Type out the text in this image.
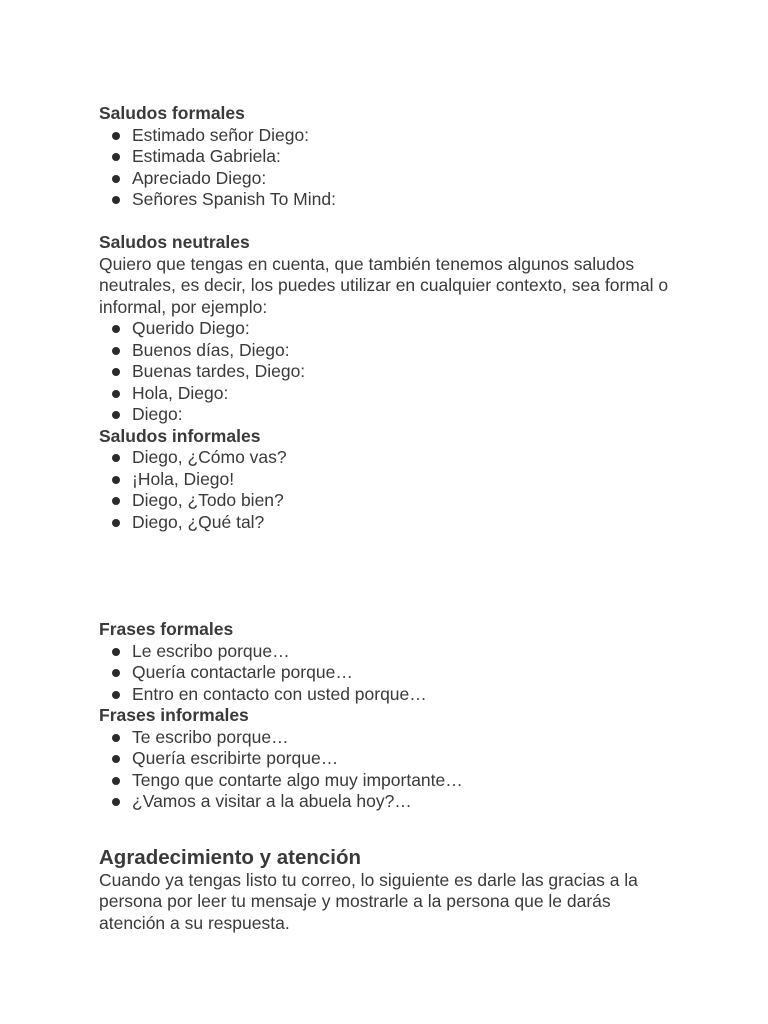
Saludos formales

Estimado señor Diego:
Estimada Gabriela:
Apreciado Diego:
Señores Spanish To Mind:

Saludos neutrales

Quiero que tengas en cuenta, que también tenemos algunos saludos neutrales, es decir, los puedes utilizar en cualquier contexto, sea formal o informal, por ejemplo:

Querido Diego:
Buenos días, Diego:
Buenas tardes, Diego:
Hola, Diego:
Diego:

Saludos informales

Diego, ¿Cómo vas?
¡Hola, Diego!
Diego, ¿Todo bien?
Diego, ¿Qué tal?

Frases formales

Le escribo porque…
Quería contactarle porque…
Entro en contacto con usted porque…

Frases informales

Te escribo porque…
Quería escribirte porque…
Tengo que contarte algo muy importante…
¿Vamos a visitar a la abuela hoy?…

Agradecimiento y atención

Cuando ya tengas listo tu correo, lo siguiente es darle las gracias a la persona por leer tu mensaje y mostrarle a la persona que le darás atención a su respuesta.
